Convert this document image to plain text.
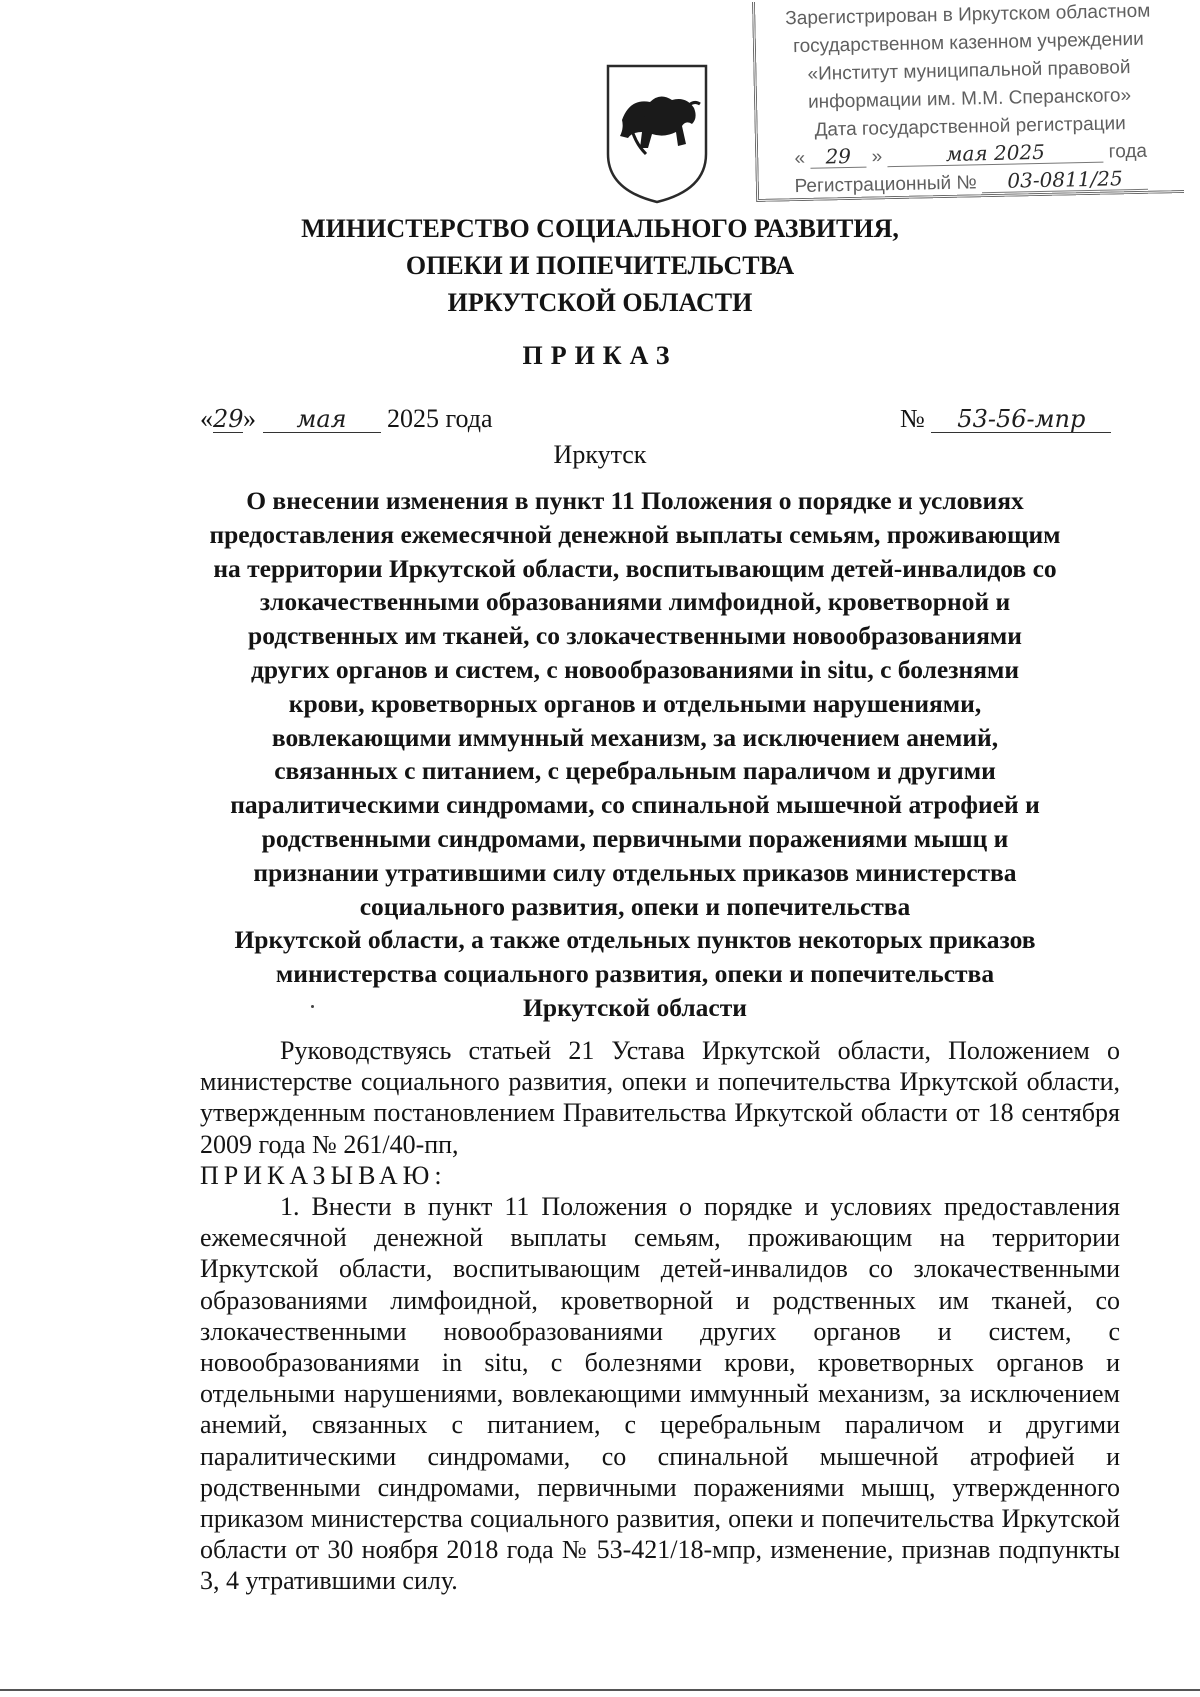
Зарегистрирован в Иркутском областном
государственном казенном учреждении
«Институт муниципальной правовой
информации им. М.М. Сперанского»
Дата государственной регистрации
« 29 »	мая 2025	года
Регистрационный № 03-0811/25
МИНИСТЕРСТВО СОЦИАЛЬНОГО РАЗВИТИЯ,
ОПЕКИ И ПОПЕЧИТЕЛЬСТВА
ИРКУТСКОЙ ОБЛАСТИ
ПРИКАЗ
«29» мая 2025 года	№ 53-56-мпр
Иркутск
О внесении изменения в пункт 11 Положения о порядке и условиях
предоставления ежемесячной денежной выплаты семьям, проживающим
на территории Иркутской области, воспитывающим детей-инвалидов со
злокачественными образованиями лимфоидной, кроветворной и
родственных им тканей, со злокачественными новообразованиями
других органов и систем, с новообразованиями in situ, с болезнями
крови, кроветворных органов и отдельными нарушениями,
вовлекающими иммунный механизм, за исключением анемий,
связанных с питанием, с церебральным параличом и другими
паралитическими синдромами, со спинальной мышечной атрофией и
родственными синдромами, первичными поражениями мышц и
признании утратившими силу отдельных приказов министерства
социального развития, опеки и попечительства
Иркутской области, а также отдельных пунктов некоторых приказов
министерства социального развития, опеки и попечительства
Иркутской области
Руководствуясь статьей 21 Устава Иркутской области, Положением о министерстве социального развития, опеки и попечительства Иркутской области, утвержденным постановлением Правительства Иркутской области от 18 сентября 2009 года № 261/40-пп,
ПРИКАЗЫВАЮ:
1. Внести в пункт 11 Положения о порядке и условиях предоставления ежемесячной денежной выплаты семьям, проживающим на территории Иркутской области, воспитывающим детей-инвалидов со злокачественными образованиями лимфоидной, кроветворной и родственных им тканей, со злокачественными новообразованиями других органов и систем, с новообразованиями in situ, с болезнями крови, кроветворных органов и отдельными нарушениями, вовлекающими иммунный механизм, за исключением анемий, связанных с питанием, с церебральным параличом и другими паралитическими синдромами, со спинальной мышечной атрофией и родственными синдромами, первичными поражениями мышц, утвержденного приказом министерства социального развития, опеки и попечительства Иркутской области от 30 ноября 2018 года № 53-421/18-мпр, изменение, признав подпункты 3, 4 утратившими силу.
